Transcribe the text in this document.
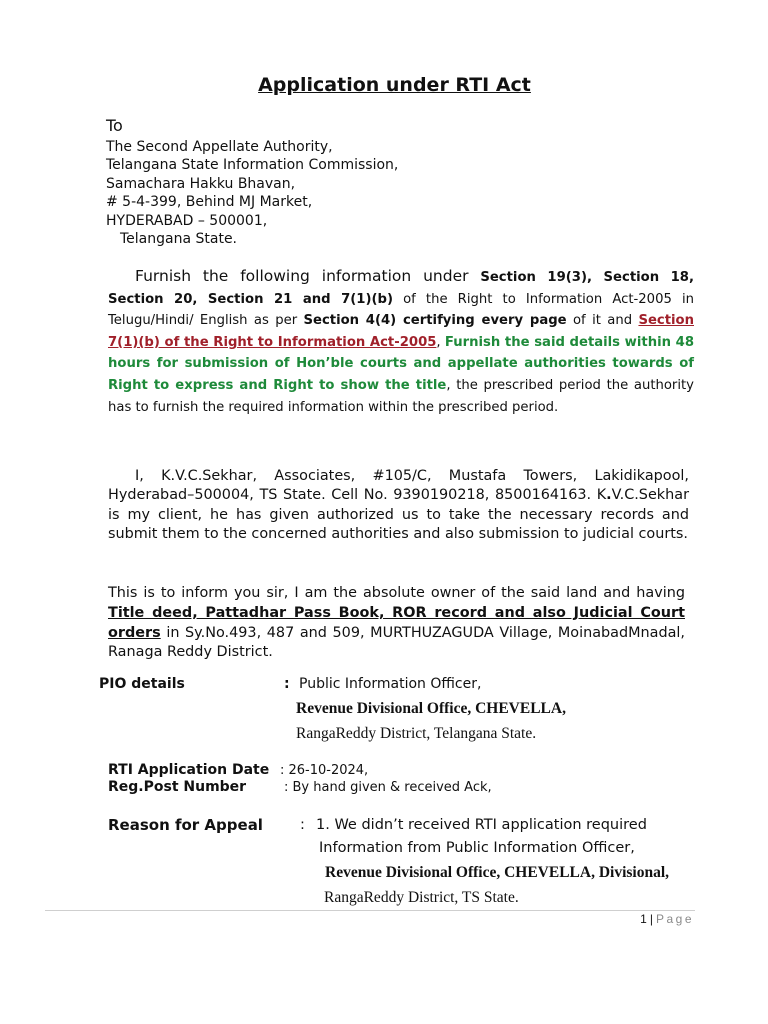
Application under RTI Act
To
The Second Appellate Authority,
Telangana State Information Commission,
Samachara Hakku Bhavan,
# 5-4-399, Behind MJ Market,
HYDERABAD – 500001,
Telangana State.
Furnish the following information under Section 19(3), Section 18, Section 20, Section 21 and 7(1)(b) of the Right to Information Act-2005 in Telugu/Hindi/ English as per Section 4(4) certifying every page of it and Section 7(1)(b) of the Right to Information Act-2005, Furnish the said details within 48 hours for submission of Hon’ble courts and appellate authorities towards of Right to express and Right to show the title, the prescribed period the authority has to furnish the required information within the prescribed period.
I, K.V.C.Sekhar, Associates, #105/C, Mustafa Towers, Lakidikapool, Hyderabad–500004, TS State. Cell No. 9390190218, 8500164163. K.V.C.Sekhar is my client, he has given authorized us to take the necessary records and submit them to the concerned authorities and also submission to judicial courts.
This is to inform you sir, I am the absolute owner of the said land and having Title deed, Pattadhar Pass Book, ROR record and also Judicial Court orders in Sy.No.493, 487 and 509, MURTHUZAGUDA Village, MoinabadMnadal, Ranaga Reddy District.
PIO details	: Public Information Officer,
Revenue Divisional Office, CHEVELLA,
RangaReddy District, Telangana State.
RTI Application Date : 26-10-2024,
Reg.Post Number	: By hand given & received Ack,
Reason for Appeal	: 1. We didn’t received RTI application required
Information from Public Information Officer,
Revenue Divisional Office, CHEVELLA, Divisional,
RangaReddy District, TS State.
1 | Page
